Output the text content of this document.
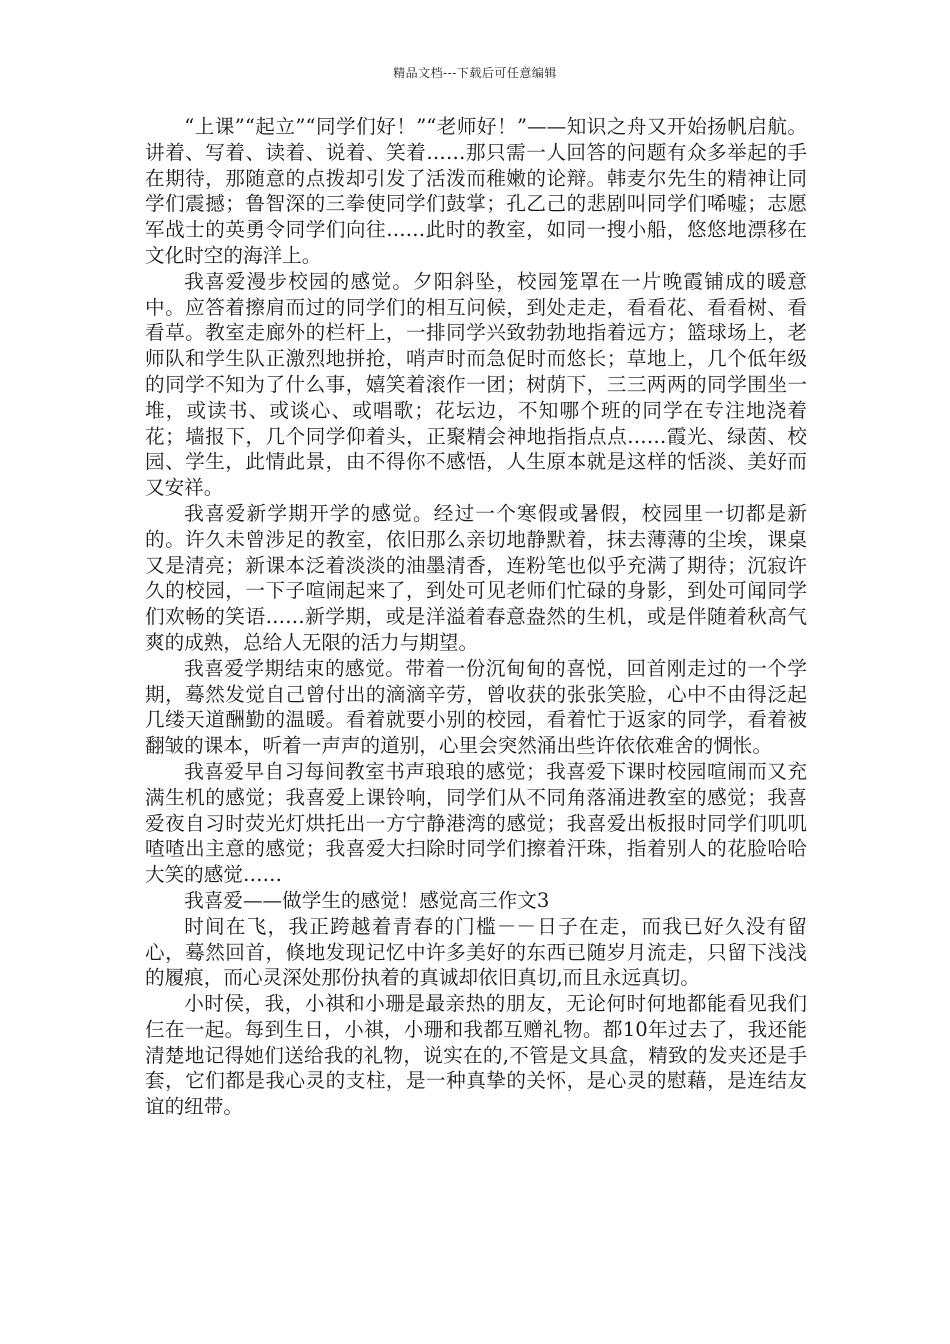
精品文档---下载后可任意编辑

“上课”“起立”“同学们好！”“老师好！”——知识之舟又开始扬帆启航。讲着、写着、读着、说着、笑着……那只需一人回答的问题有众多举起的手在期待，那随意的点拨却引发了活泼而稚嫩的论辩。韩麦尔先生的精神让同学们震撼；鲁智深的三拳使同学们鼓掌；孔乙己的悲剧叫同学们唏嘘；志愿军战士的英勇令同学们向往……此时的教室，如同一搜小船，悠悠地漂移在文化时空的海洋上。

我喜爱漫步校园的感觉。夕阳斜坠，校园笼罩在一片晚霞铺成的暖意中。应答着擦肩而过的同学们的相互问候，到处走走，看看花、看看树、看看草。教室走廊外的栏杆上，一排同学兴致勃勃地指着远方；篮球场上，老师队和学生队正激烈地拼抢，哨声时而急促时而悠长；草地上，几个低年级的同学不知为了什么事，嬉笑着滚作一团；树荫下，三三两两的同学围坐一堆，或读书、或谈心、或唱歌；花坛边，不知哪个班的同学在专注地浇着花；墙报下，几个同学仰着头，正聚精会神地指指点点……霞光、绿茵、校园、学生，此情此景，由不得你不感悟，人生原本就是这样的恬淡、美好而又安祥。

我喜爱新学期开学的感觉。经过一个寒假或暑假，校园里一切都是新的。许久未曾涉足的教室，依旧那么亲切地静默着，抹去薄薄的尘埃，课桌又是清亮；新课本泛着淡淡的油墨清香，连粉笔也似乎充满了期待；沉寂许久的校园，一下子喧闹起来了，到处可见老师们忙碌的身影，到处可闻同学们欢畅的笑语……新学期，或是洋溢着春意盎然的生机，或是伴随着秋高气爽的成熟，总给人无限的活力与期望。

我喜爱学期结束的感觉。带着一份沉甸甸的喜悦，回首刚走过的一个学期，蓦然发觉自己曾付出的滴滴辛劳，曾收获的张张笑脸，心中不由得泛起几缕天道酬勤的温暖。看着就要小别的校园，看着忙于返家的同学，看着被翻皱的课本，听着一声声的道别，心里会突然涌出些许依依难舍的惆怅。

我喜爱早自习每间教室书声琅琅的感觉；我喜爱下课时校园喧闹而又充满生机的感觉；我喜爱上课铃响，同学们从不同角落涌进教室的感觉；我喜爱夜自习时荧光灯烘托出一方宁静港湾的感觉；我喜爱出板报时同学们叽叽喳喳出主意的感觉；我喜爱大扫除时同学们擦着汗珠，指着别人的花脸哈哈大笑的感觉……

我喜爱——做学生的感觉！感觉高三作文3

时间在飞，我正跨越着青春的门槛－－日子在走，而我已好久没有留心，蓦然回首，倏地发现记忆中许多美好的东西已随岁月流走，只留下浅浅的履痕，而心灵深处那份执着的真诚却依旧真切,而且永远真切。

小时侯，我，小祺和小珊是最亲热的朋友，无论何时何地都能看见我们仨在一起。每到生日，小祺，小珊和我都互赠礼物。都10年过去了，我还能清楚地记得她们送给我的礼物，说实在的,不管是文具盒，精致的发夹还是手套，它们都是我心灵的支柱，是一种真挚的关怀，是心灵的慰藉，是连结友谊的纽带。
